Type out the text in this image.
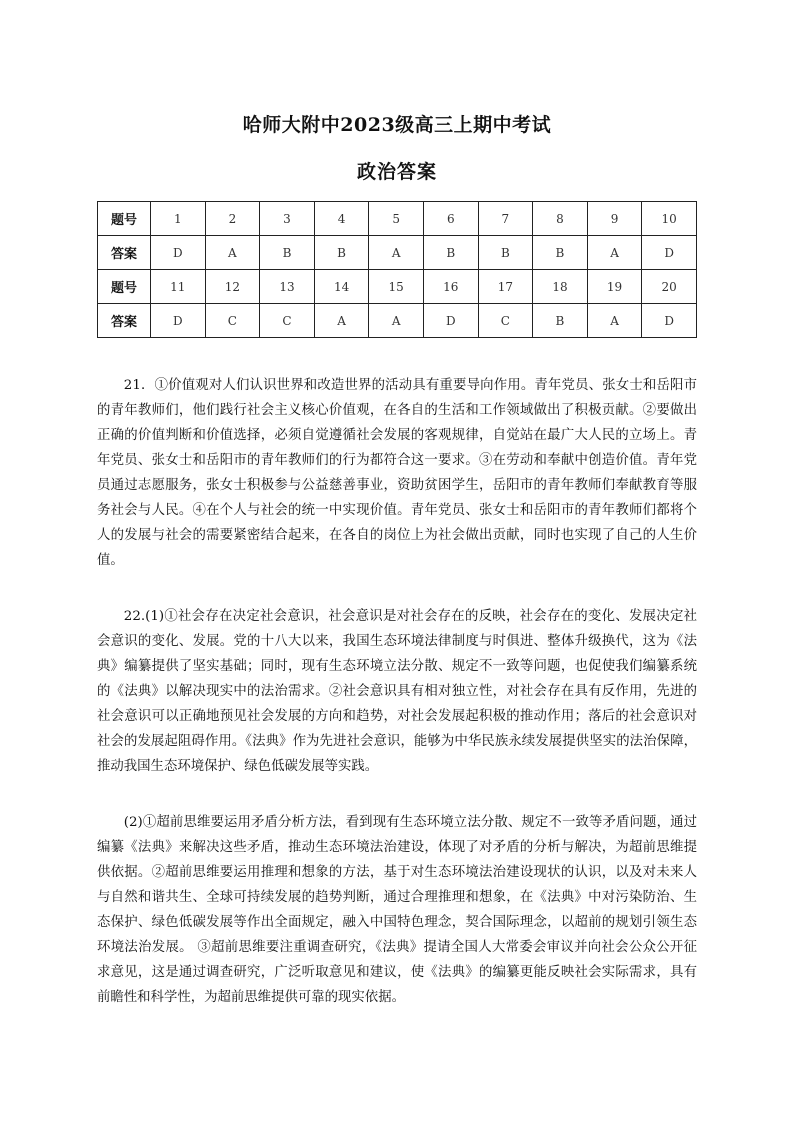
哈师大附中2023级高三上期中考试
政治答案
题号	1	2	3	4	5	6	7	8	9	10
答案	D	A	B	B	A	B	B	B	A	D
题号	11	12	13	14	15	16	17	18	19	20
答案	D	C	C	A	A	D	C	B	A	D

21．①价值观对人们认识世界和改造世界的活动具有重要导向作用。青年党员、张女士和岳阳市的青年教师们，他们践行社会主义核心价值观，在各自的生活和工作领域做出了积极贡献。②要做出正确的价值判断和价值选择，必须自觉遵循社会发展的客观规律，自觉站在最广大人民的立场上。青年党员、张女士和岳阳市的青年教师们的行为都符合这一要求。③在劳动和奉献中创造价值。青年党员通过志愿服务，张女士积极参与公益慈善事业，资助贫困学生，岳阳市的青年教师们奉献教育等服务社会与人民。④在个人与社会的统一中实现价值。青年党员、张女士和岳阳市的青年教师们都将个人的发展与社会的需要紧密结合起来，在各自的岗位上为社会做出贡献，同时也实现了自己的人生价值。

22.(1)①社会存在决定社会意识，社会意识是对社会存在的反映，社会存在的变化、发展决定社会意识的变化、发展。党的十八大以来，我国生态环境法律制度与时俱进、整体升级换代，这为《法典》编纂提供了坚实基础；同时，现有生态环境立法分散、规定不一致等问题，也促使我们编纂系统的《法典》以解决现实中的法治需求。②社会意识具有相对独立性，对社会存在具有反作用，先进的社会意识可以正确地预见社会发展的方向和趋势，对社会发展起积极的推动作用；落后的社会意识对社会的发展起阻碍作用。《法典》作为先进社会意识，能够为中华民族永续发展提供坚实的法治保障，推动我国生态环境保护、绿色低碳发展等实践。

(2)①超前思维要运用矛盾分析方法，看到现有生态环境立法分散、规定不一致等矛盾问题，通过编纂《法典》来解决这些矛盾，推动生态环境法治建设，体现了对矛盾的分析与解决，为超前思维提供依据。②超前思维要运用推理和想象的方法，基于对生态环境法治建设现状的认识，以及对未来人与自然和谐共生、全球可持续发展的趋势判断，通过合理推理和想象，在《法典》中对污染防治、生态保护、绿色低碳发展等作出全面规定，融入中国特色理念，契合国际理念，以超前的规划引领生态环境法治发展。 ③超前思维要注重调查研究，《法典》提请全国人大常委会审议并向社会公众公开征求意见，这是通过调查研究，广泛听取意见和建议，使《法典》的编纂更能反映社会实际需求，具有前瞻性和科学性，为超前思维提供可靠的现实依据。
